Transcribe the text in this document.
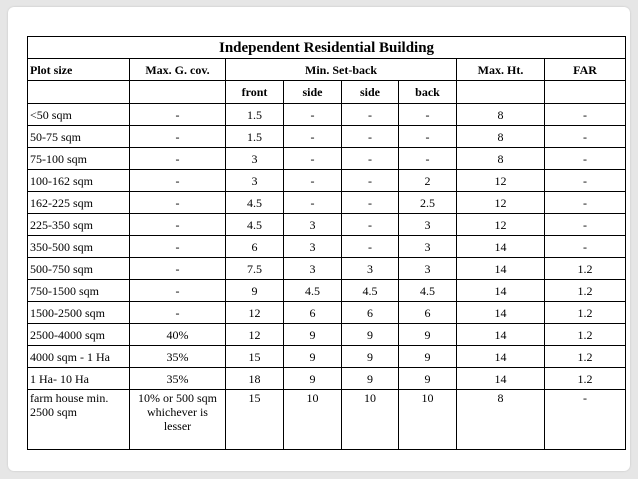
Independent Residential Building							
Plot size	Max. G. cov.	Min. Set-back				Max. Ht.	FAR
		front	side	side	back		
<50 sqm	-	1.5	-	-	-	8	-
50-75 sqm	-	1.5	-	-	-	8	-
75-100 sqm	-	3	-	-	-	8	-
100-162 sqm	-	3	-	-	2	12	-
162-225 sqm	-	4.5	-	-	2.5	12	-
225-350 sqm	-	4.5	3	-	3	12	-
350-500 sqm	-	6	3	-	3	14	-
500-750 sqm	-	7.5	3	3	3	14	1.2
750-1500 sqm	-	9	4.5	4.5	4.5	14	1.2
1500-2500 sqm	-	12	6	6	6	14	1.2
2500-4000 sqm	40%	12	9	9	9	14	1.2
4000 sqm - 1 Ha	35%	15	9	9	9	14	1.2
1 Ha- 10 Ha	35%	18	9	9	9	14	1.2
farm house min. 2500 sqm	10% or 500 sqm whichever is lesser	15	10	10	10	8	-
